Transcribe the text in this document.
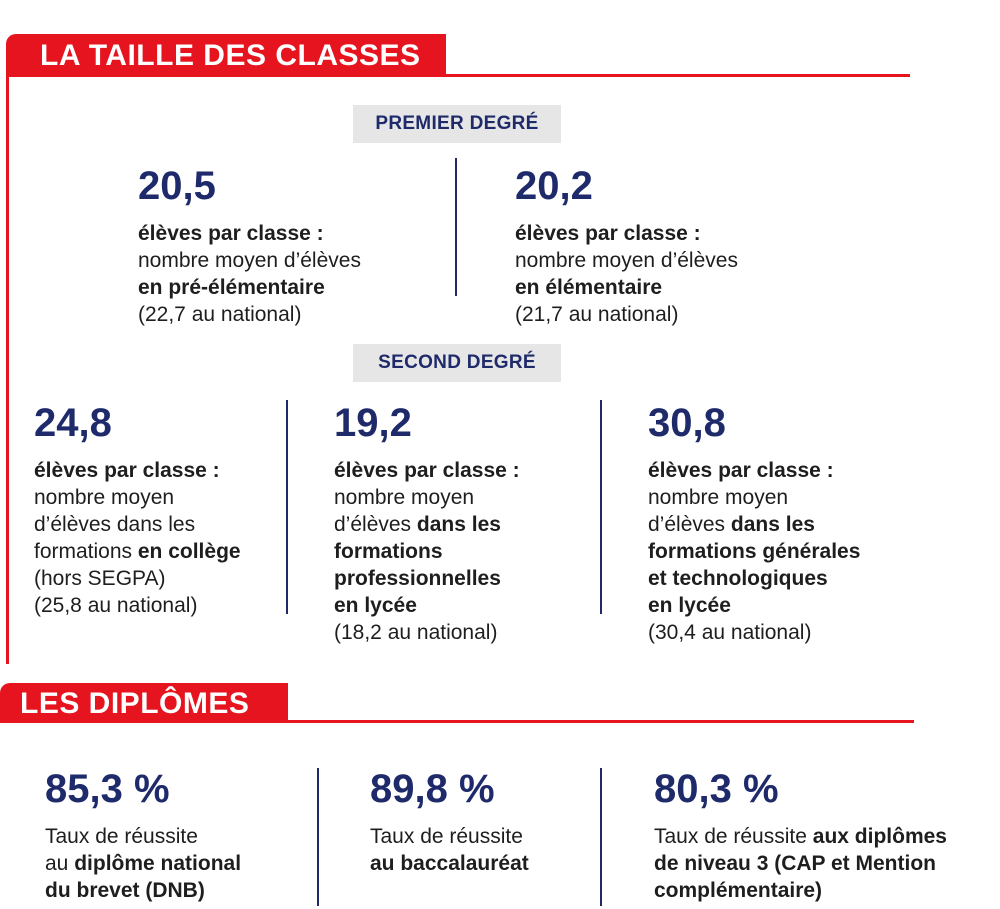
LA TAILLE DES CLASSES
PREMIER DEGRÉ
20,5
élèves par classe :
nombre moyen d’élèves
en pré-élémentaire
(22,7 au national)
20,2
élèves par classe :
nombre moyen d’élèves
en élémentaire
(21,7 au national)
SECOND DEGRÉ
24,8
élèves par classe :
nombre moyen
d’élèves dans les
formations en collège
(hors SEGPA)
(25,8 au national)
19,2
élèves par classe :
nombre moyen
d’élèves dans les
formations
professionnelles
en lycée
(18,2 au national)
30,8
élèves par classe :
nombre moyen
d’élèves dans les
formations générales
et technologiques
en lycée
(30,4 au national)
LES DIPLÔMES
85,3 %
Taux de réussite
au diplôme national
du brevet (DNB)
89,8 %
Taux de réussite
au baccalauréat
80,3 %
Taux de réussite aux diplômes
de niveau 3 (CAP et Mention
complémentaire)
